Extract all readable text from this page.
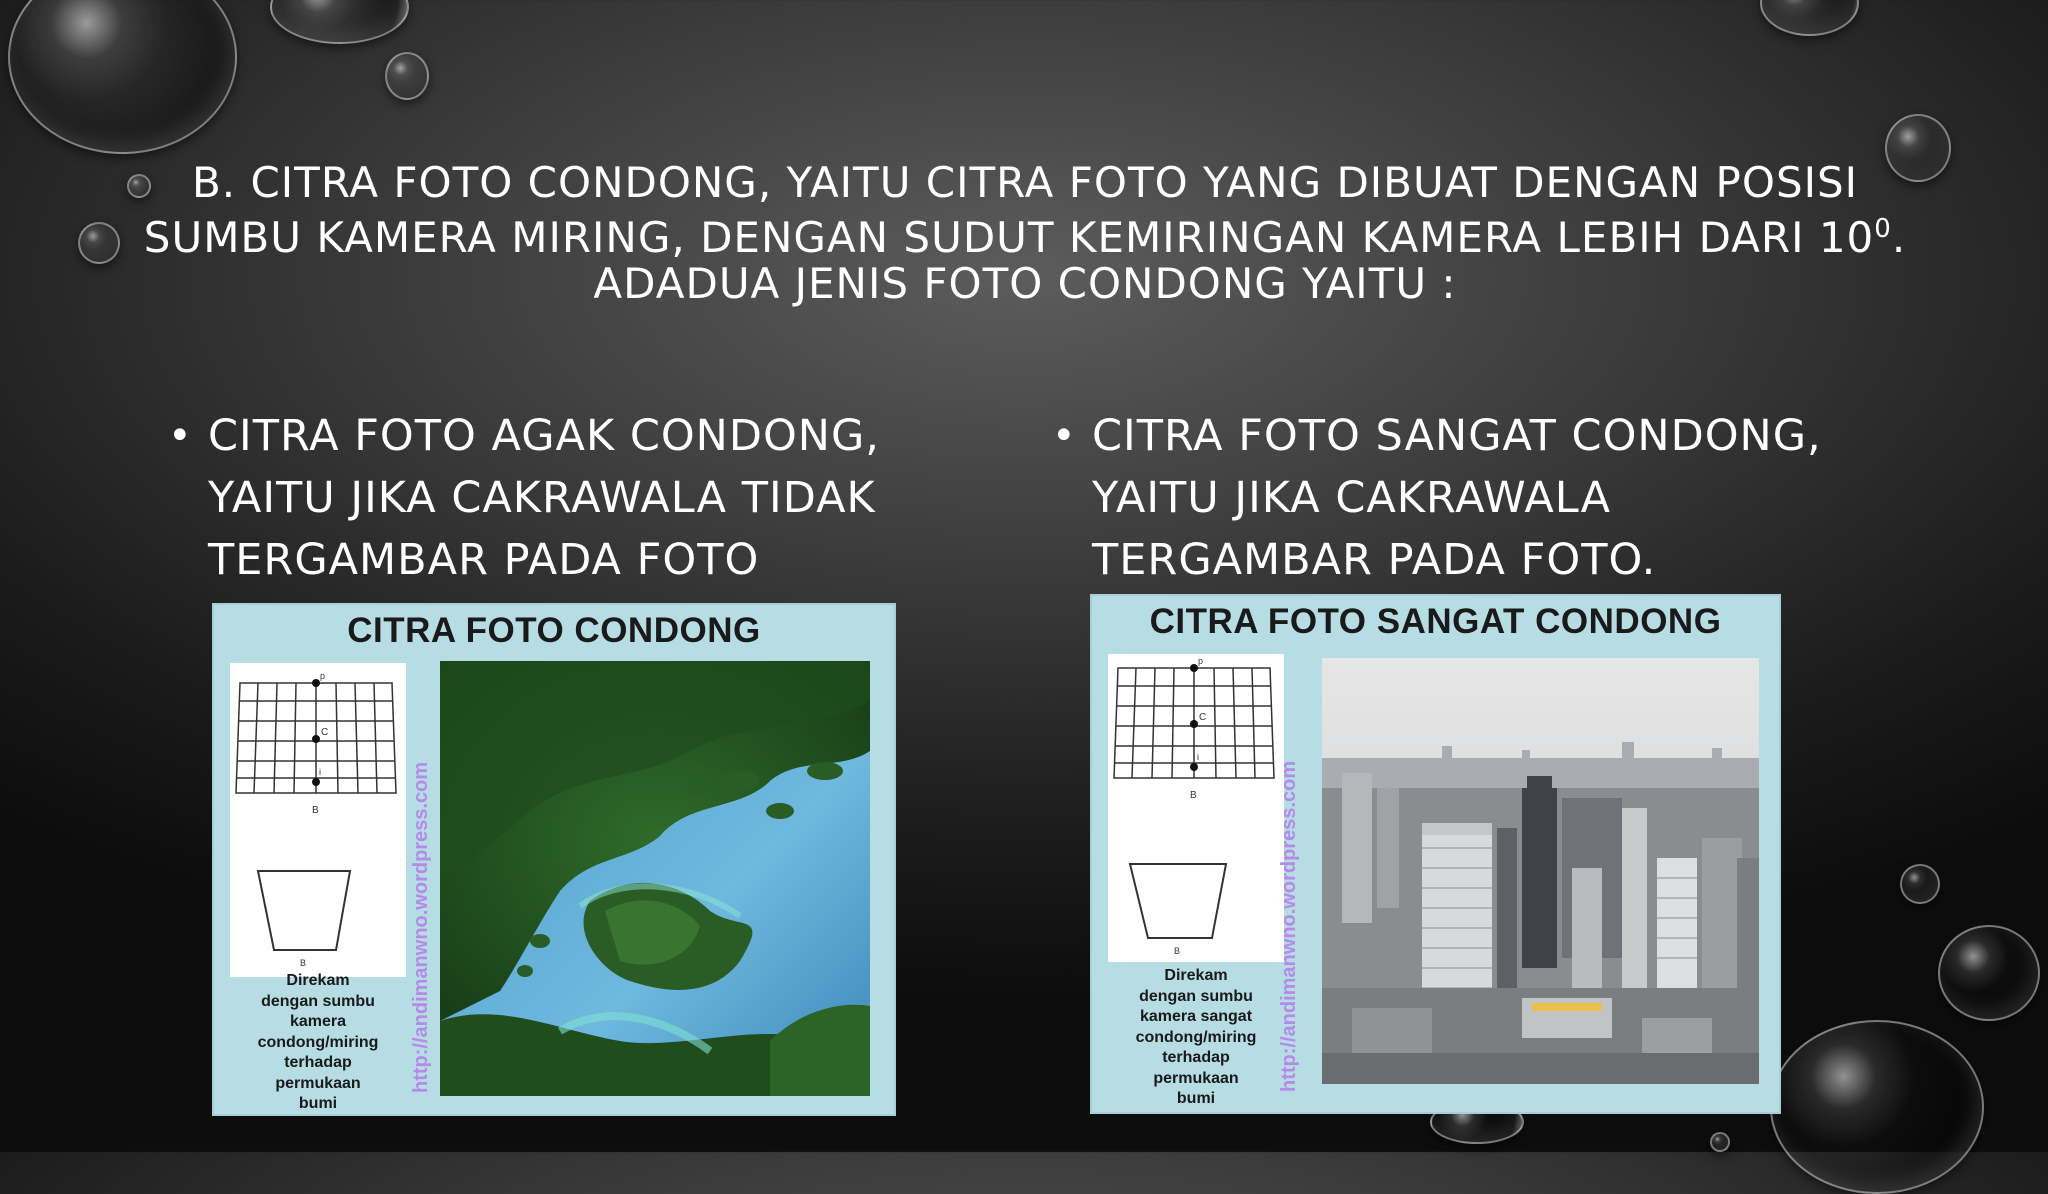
B. CITRA FOTO CONDONG, YAITU CITRA FOTO YANG DIBUAT DENGAN POSISI
SUMBU KAMERA MIRING, DENGAN SUDUT KEMIRINGAN KAMERA LEBIH DARI $10^0$.
ADADUA JENIS FOTO CONDONG YAITU :
• CITRA FOTO AGAK CONDONG,
YAITU JIKA CAKRAWALA TIDAK
TERGAMBAR PADA FOTO
• CITRA FOTO SANGAT CONDONG,
YAITU JIKA CAKRAWALA
TERGAMBAR PADA FOTO.
CITRA FOTO CONDONG
p
C
i
B
B
Direkam
dengan sumbu
kamera
condong/miring
terhadap
permukaan
bumi
http://andimanwno.wordpress.com
CITRA FOTO SANGAT CONDONG
p
C
i
B
B
Direkam
dengan sumbu
kamera sangat
condong/miring
terhadap
permukaan
bumi
http://andimanwno.wordpress.com
